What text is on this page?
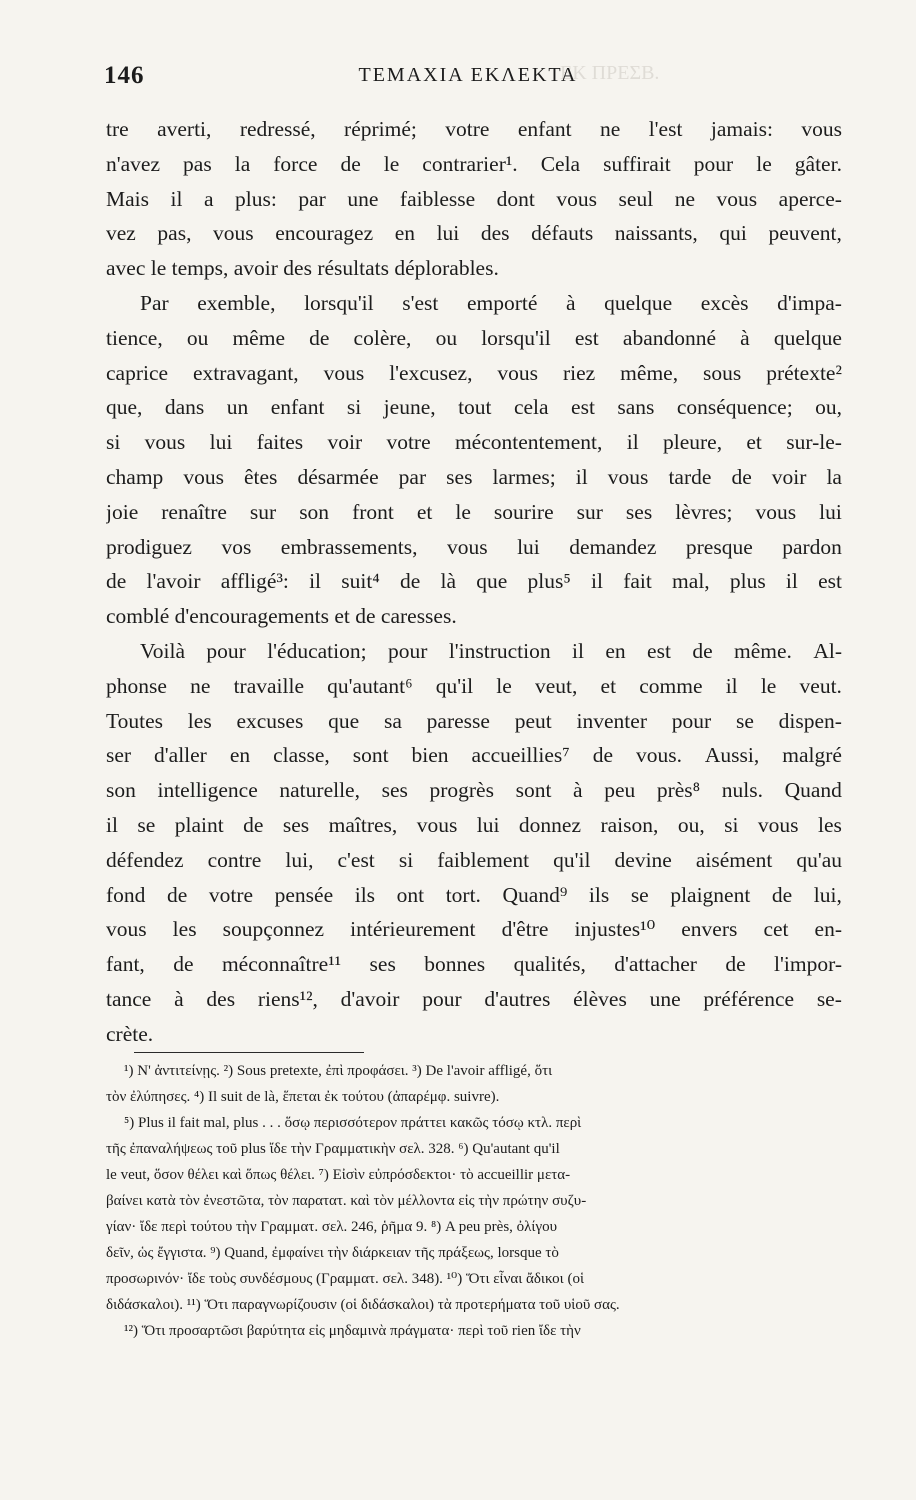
ΕΚ ΠΡΕΣΒ.
146	TEMAXIA EKΛEKTA
tre averti, redressé, réprimé; votre enfant ne l'est jamais: vous
n'avez pas la force de le contrarier¹. Cela suffirait pour le gâter.
Mais il a plus: par une faiblesse dont vous seul ne vous aperce-
vez pas, vous encouragez en lui des défauts naissants, qui peuvent,
avec le temps, avoir des résultats déplorables.
Par exemble, lorsqu'il s'est emporté à quelque excès d'impa-
tience, ou même de colère, ou lorsqu'il est abandonné à quelque
caprice extravagant, vous l'excusez, vous riez même, sous prétexte²
que, dans un enfant si jeune, tout cela est sans conséquence; ou,
si vous lui faites voir votre mécontentement, il pleure, et sur-le-
champ vous êtes désarmée par ses larmes; il vous tarde de voir la
joie renaître sur son front et le sourire sur ses lèvres; vous lui
prodiguez vos embrassements, vous lui demandez presque pardon
de l'avoir affligé³: il suit⁴ de là que plus⁵ il fait mal, plus il est
comblé d'encouragements et de caresses.
Voilà pour l'éducation; pour l'instruction il en est de même. Al-
phonse ne travaille qu'autant⁶ qu'il le veut, et comme il le veut.
Toutes les excuses que sa paresse peut inventer pour se dispen-
ser d'aller en classe, sont bien accueillies⁷ de vous. Aussi, malgré
son intelligence naturelle, ses progrès sont à peu près⁸ nuls. Quand
il se plaint de ses maîtres, vous lui donnez raison, ou, si vous les
défendez contre lui, c'est si faiblement qu'il devine aisément qu'au
fond de votre pensée ils ont tort. Quand⁹ ils se plaignent de lui,
vous les soupçonnez intérieurement d'être injustes¹⁰ envers cet en-
fant, de méconnaître¹¹ ses bonnes qualités, d'attacher de l'impor-
tance à des riens¹², d'avoir pour d'autres élèves une préférence se-
crète.
¹) N' ἀντιτείνῃς. ²) Sous pretexte, ἐπὶ προφάσει. ³) De l'avoir affligé, ὅτι
τὸν ἐλύπησες. ⁴) Il suit de là, ἕπεται ἐκ τούτου (ἀπαρέμφ. suivre).
⁵) Plus il fait mal, plus . . . ὅσῳ περισσότερον πράττει κακῶς τόσῳ κτλ. περὶ
τῆς ἐπαναλήψεως τοῦ plus ἴδε τὴν Γραμματικὴν σελ. 328. ⁶) Qu'autant qu'il
le veut, ὅσον θέλει καὶ ὅπως θέλει. ⁷) Εἰσὶν εὐπρόσδεκτοι· τὸ accueillir μετα-
βαίνει κατὰ τὸν ἐνεστῶτα, τὸν παρατατ. καὶ τὸν μέλλοντα εἰς τὴν πρώτην συζυ-
γίαν· ἴδε περὶ τούτου τὴν Γραμματ. σελ. 246, ῥῆμα 9. ⁸) A peu près, ὀλίγου
δεῖν, ὡς ἔγγιστα. ⁹) Quand, ἐμφαίνει τὴν διάρκειαν τῆς πράξεως, lorsque τὸ
προσωρινόν· ἴδε τοὺς συνδέσμους (Γραμματ. σελ. 348). ¹⁰) Ὅτι εἶναι ἄδικοι (οἱ
διδάσκαλοι). ¹¹) Ὅτι παραγνωρίζουσιν (οἱ διδάσκαλοι) τὰ προτερήματα τοῦ υἱοῦ σας.
¹²) Ὅτι προσαρτῶσι βαρύτητα εἰς μηδαμινὰ πράγματα· περὶ τοῦ rien ἴδε τὴν
